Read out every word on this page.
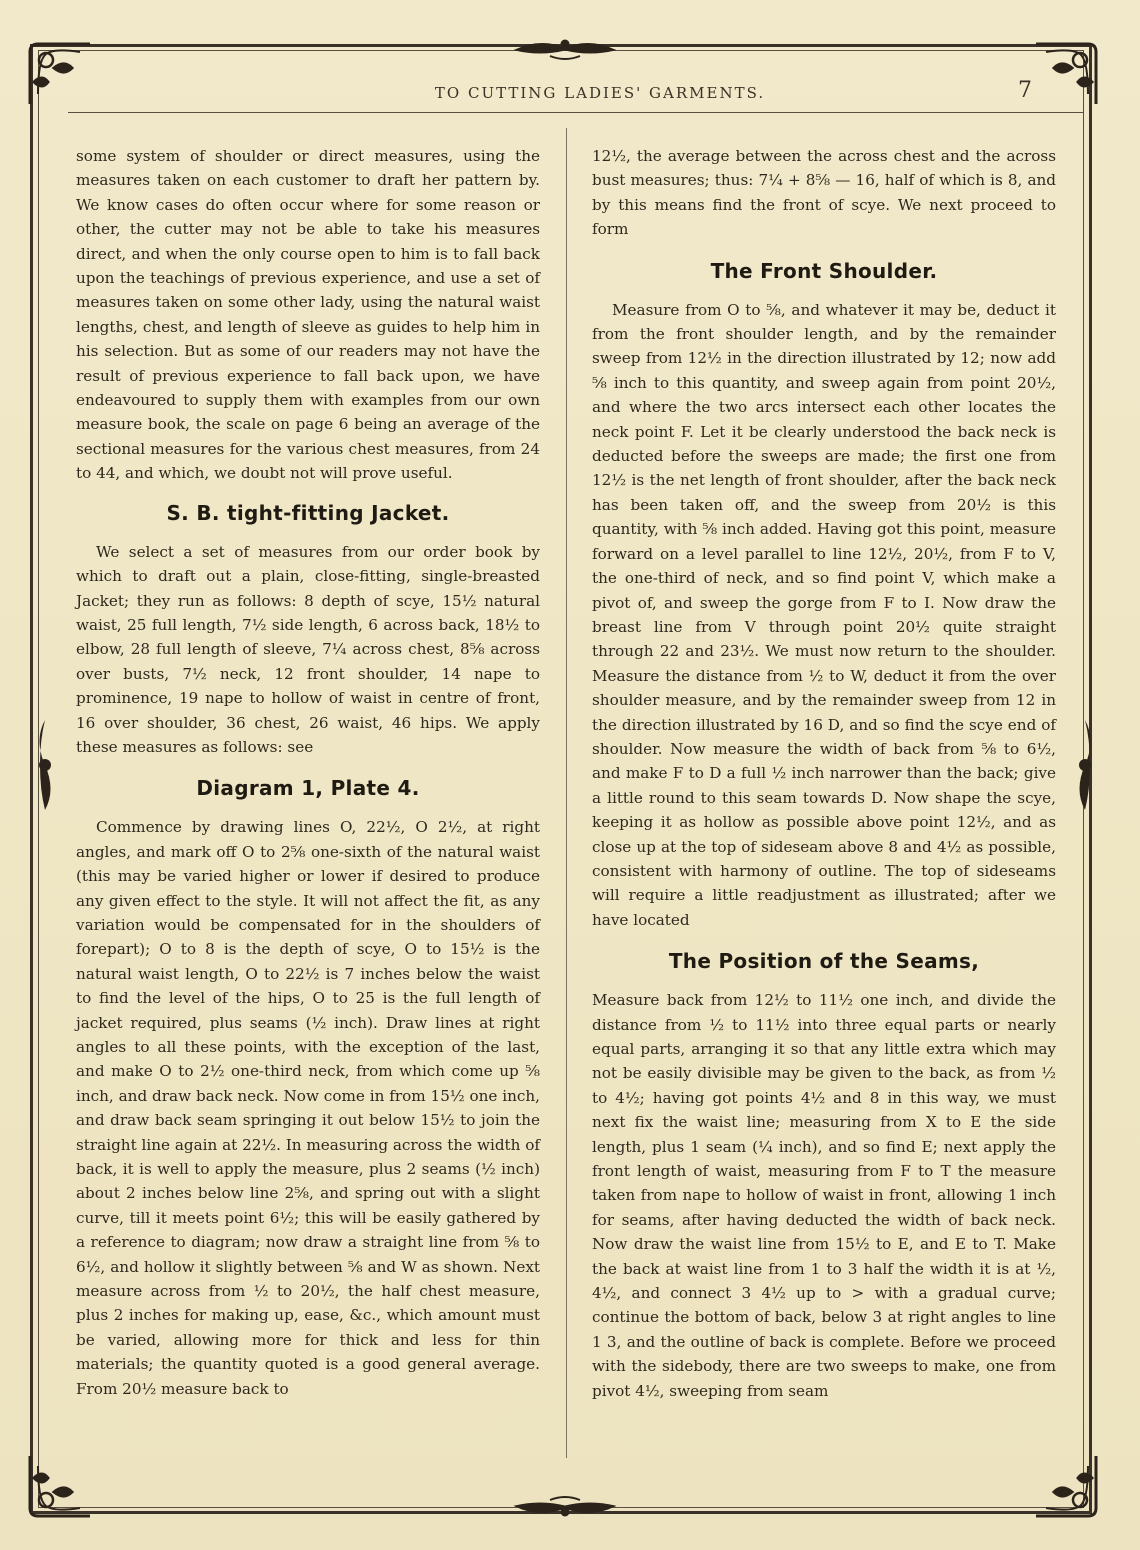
TO CUTTING LADIES' GARMENTS.	7

some system of shoulder or direct measures, using the measures taken on each customer to draft her pattern by. We know cases do often occur where for some reason or other, the cutter may not be able to take his measures direct, and when the only course open to him is to fall back upon the teachings of previous experience, and use a set of measures taken on some other lady, using the natural waist lengths, chest, and length of sleeve as guides to help him in his selection. But as some of our readers may not have the result of previous experience to fall back upon, we have endeavoured to supply them with examples from our own measure book, the scale on page 6 being an average of the sectional measures for the various chest measures, from 24 to 44, and which, we doubt not will prove useful.

S. B. tight-fitting Jacket.

We select a set of measures from our order book by which to draft out a plain, close-fitting, single-breasted Jacket; they run as follows: 8 depth of scye, 15½ natural waist, 25 full length, 7½ side length, 6 across back, 18½ to elbow, 28 full length of sleeve, 7¼ across chest, 8⅝ across over busts, 7½ neck, 12 front shoulder, 14 nape to prominence, 19 nape to hollow of waist in centre of front, 16 over shoulder, 36 chest, 26 waist, 46 hips. We apply these measures as follows: see

Diagram 1, Plate 4.

Commence by drawing lines O, 22½, O 2½, at right angles, and mark off O to 2⅝ one-sixth of the natural waist (this may be varied higher or lower if desired to produce any given effect to the style. It will not affect the fit, as any variation would be compensated for in the shoulders of forepart); O to 8 is the depth of scye, O to 15½ is the natural waist length, O to 22½ is 7 inches below the waist to find the level of the hips, O to 25 is the full length of jacket required, plus seams (½ inch). Draw lines at right angles to all these points, with the exception of the last, and make O to 2½ one-third neck, from which come up ⅝ inch, and draw back neck. Now come in from 15½ one inch, and draw back seam springing it out below 15½ to join the straight line again at 22½. In measuring across the width of back, it is well to apply the measure, plus 2 seams (½ inch) about 2 inches below line 2⅝, and spring out with a slight curve, till it meets point 6½; this will be easily gathered by a reference to diagram; now draw a straight line from ⅝ to 6½, and hollow it slightly between ⅝ and W as shown. Next measure across from ½ to 20½, the half chest measure, plus 2 inches for making up, ease, &c., which amount must be varied, allowing more for thick and less for thin materials; the quantity quoted is a good general average. From 20½ measure back to

12½, the average between the across chest and the across bust measures; thus: 7¼ + 8⅝ — 16, half of which is 8, and by this means find the front of scye. We next proceed to form

The Front Shoulder.

Measure from O to ⅝, and whatever it may be, deduct it from the front shoulder length, and by the remainder sweep from 12½ in the direction illustrated by 12; now add ⅝ inch to this quantity, and sweep again from point 20½, and where the two arcs intersect each other locates the neck point F. Let it be clearly understood the back neck is deducted before the sweeps are made; the first one from 12½ is the net length of front shoulder, after the back neck has been taken off, and the sweep from 20½ is this quantity, with ⅝ inch added. Having got this point, measure forward on a level parallel to line 12½, 20½, from F to V, the one-third of neck, and so find point V, which make a pivot of, and sweep the gorge from F to I. Now draw the breast line from V through point 20½ quite straight through 22 and 23½. We must now return to the shoulder. Measure the distance from ½ to W, deduct it from the over shoulder measure, and by the remainder sweep from 12 in the direction illustrated by 16 D, and so find the scye end of shoulder. Now measure the width of back from ⅝ to 6½, and make F to D a full ½ inch narrower than the back; give a little round to this seam towards D. Now shape the scye, keeping it as hollow as possible above point 12½, and as close up at the top of sideseam above 8 and 4½ as possible, consistent with harmony of outline. The top of sideseams will require a little readjustment as illustrated; after we have located

The Position of the Seams,

Measure back from 12½ to 11½ one inch, and divide the distance from ½ to 11½ into three equal parts or nearly equal parts, arranging it so that any little extra which may not be easily divisible may be given to the back, as from ½ to 4½; having got points 4½ and 8 in this way, we must next fix the waist line; measuring from X to E the side length, plus 1 seam (¼ inch), and so find E; next apply the front length of waist, measuring from F to T the measure taken from nape to hollow of waist in front, allowing 1 inch for seams, after having deducted the width of back neck. Now draw the waist line from 15½ to E, and E to T. Make the back at waist line from 1 to 3 half the width it is at ½, 4½, and connect 3 4½ up to > with a gradual curve; continue the bottom of back, below 3 at right angles to line 1 3, and the outline of back is complete. Before we proceed with the sidebody, there are two sweeps to make, one from pivot 4½, sweeping from seam
